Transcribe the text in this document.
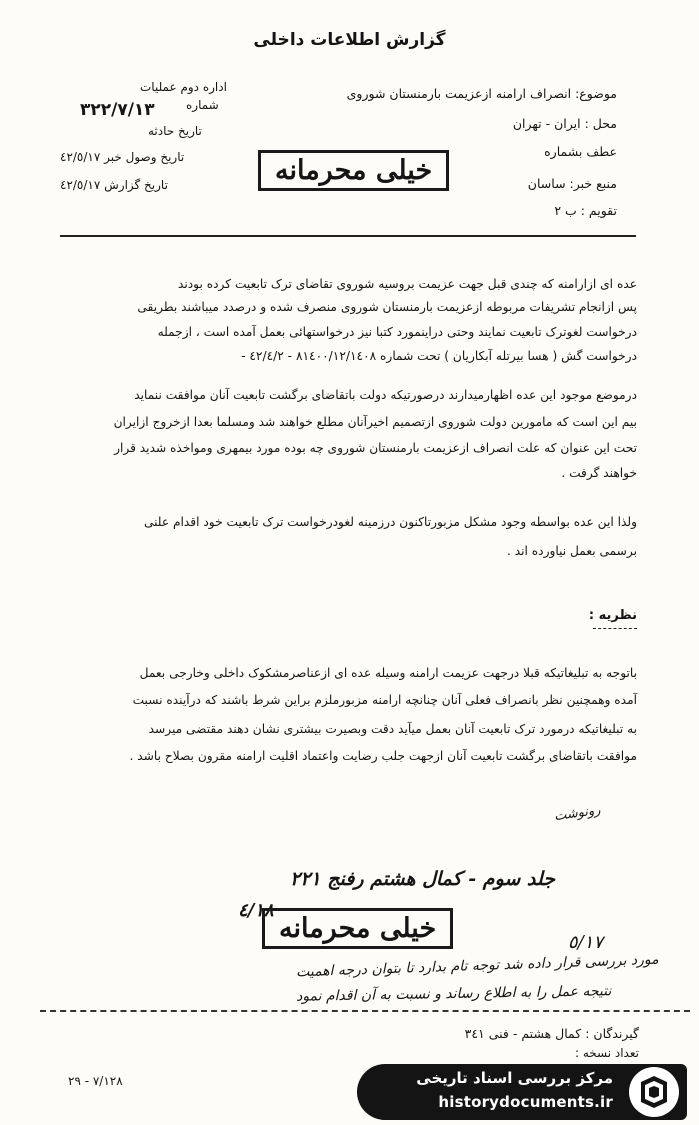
گزارش اطلاعات داخلی
موضوع: انصراف ارامنه ازعزیمت بارمنستان شوروی
محل : ایران - تهران
عطف بشماره
منبع خبر: ساسان
تقویم : ب ٢
اداره دوم عملیات
شماره
٣٢٢/٧/١٣
تاریخ حادثه
تاریخ وصول خبر ٤٢/٥/١٧
تاریخ گزارش ٤٢/٥/١٧	خیلی محرمانه
عده ای ازارامنه که چندی قبل جهت عزیمت بروسیه شوروی تقاضای ترک تابعیت کرده بودند
پس ازانجام تشریفات مربوطه ازعزیمت بارمنستان شوروی منصرف شده و درصدد میباشند بطریقی
درخواست لغوترک تابعیت نمایند وحتی دراینمورد کتبا نیز درخواستهائی بعمل آمده است ، ازجمله
درخواست گش ( هسا بیرتله آبکاریان ) تحت شماره ٨١٤٠٠/١٢/١٤٠٨ - ٤٢/٤/٢ -
درموضع موجود این عده اظهارمیدارند درصورتیکه دولت باتقاضای برگشت تابعیت آنان موافقت ننماید
بیم این است که مامورین دولت شوروی ازتصمیم اخیرآنان مطلع خواهند شد ومسلما بعدا ازخروج ازایران
تحت این عنوان که علت انصراف ازعزیمت بارمنستان شوروی چه بوده مورد بیمهری ومواخذه شدید قرار
خواهند گرفت .
ولذا این عده بواسطه وجود مشکل مزبورتاکنون درزمینه لغودرخواست ترک تابعیت خود اقدام علنی
برسمی بعمل نیاورده اند .
نظریه :
باتوجه به تبلیغاتیکه قبلا درجهت عزیمت ارامنه وسیله عده ای ازعناصرمشکوک داخلی وخارجی بعمل
آمده وهمچنین نظر بانصراف فعلی آنان چنانچه ارامنه مزبورملزم براین شرط باشند که درآینده نسبت
به تبلیغاتیکه درمورد ترک تابعیت آنان بعمل میآید دقت وبصیرت بیشتری نشان دهند مقتضی میرسد
موافقت باتقاضای برگشت تابعیت آنان ازجهت جلب رضایت واعتماد اقلیت ارامنه مقرون بصلاح باشد .
رونوشت
جلد سوم - کمال هشتم رفنج ٢٢١
٤/١٨
٥/١٧
خیلی محرمانه
مورد بررسی قرار داده شد توجه تام بدارد تا بتوان درجه اهمیت
نتیجه عمل را به اطلاع رساند و نسبت به آن اقدام نمود
گیرندگان : کمال هشتم - فنی ٣٤١
تعداد نسخه :
٧/١٢٨ - ٢٩	مرکز بررسی اسناد تاریخی
historydocuments.ir
